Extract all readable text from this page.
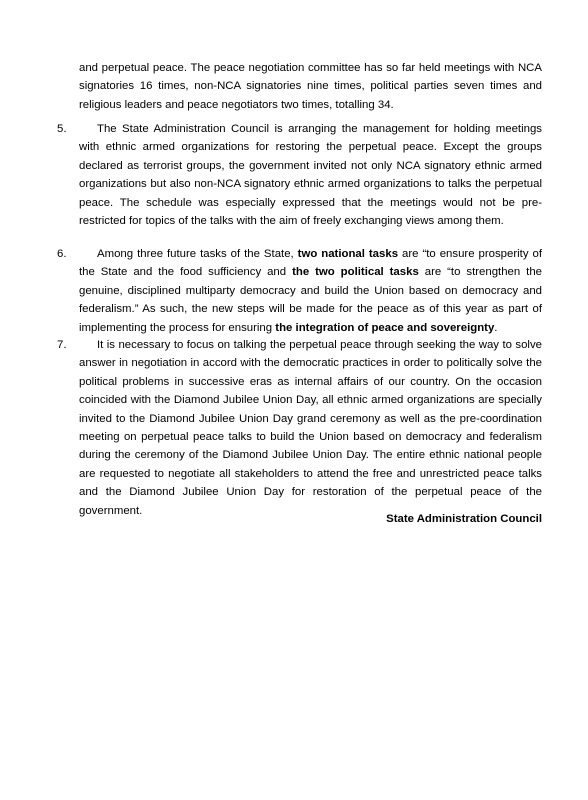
and perpetual peace. The peace negotiation committee has so far held meetings with NCA signatories 16 times, non-NCA signatories nine times, political parties seven times and religious leaders and peace negotiators two times, totalling 34.

5.	The State Administration Council is arranging the management for holding meetings with ethnic armed organizations for restoring the perpetual peace. Except the groups declared as terrorist groups, the government invited not only NCA signatory ethnic armed organizations but also non-NCA signatory ethnic armed organizations to talks the perpetual peace. The schedule was especially expressed that the meetings would not be pre-restricted for topics of the talks with the aim of freely exchanging views among them.

6.	Among three future tasks of the State, two national tasks are “to ensure prosperity of the State and the food sufficiency and the two political tasks are “to strengthen the genuine, disciplined multiparty democracy and build the Union based on democracy and federalism.” As such, the new steps will be made for the peace as of this year as part of implementing the process for ensuring the integration of peace and sovereignty.

7.	It is necessary to focus on talking the perpetual peace through seeking the way to solve answer in negotiation in accord with the democratic practices in order to politically solve the political problems in successive eras as internal affairs of our country. On the occasion coincided with the Diamond Jubilee Union Day, all ethnic armed organizations are specially invited to the Diamond Jubilee Union Day grand ceremony as well as the pre-coordination meeting on perpetual peace talks to build the Union based on democracy and federalism during the ceremony of the Diamond Jubilee Union Day. The entire ethnic national people are requested to negotiate all stakeholders to attend the free and unrestricted peace talks and the Diamond Jubilee Union Day for restoration of the perpetual peace of the government.

State Administration Council
